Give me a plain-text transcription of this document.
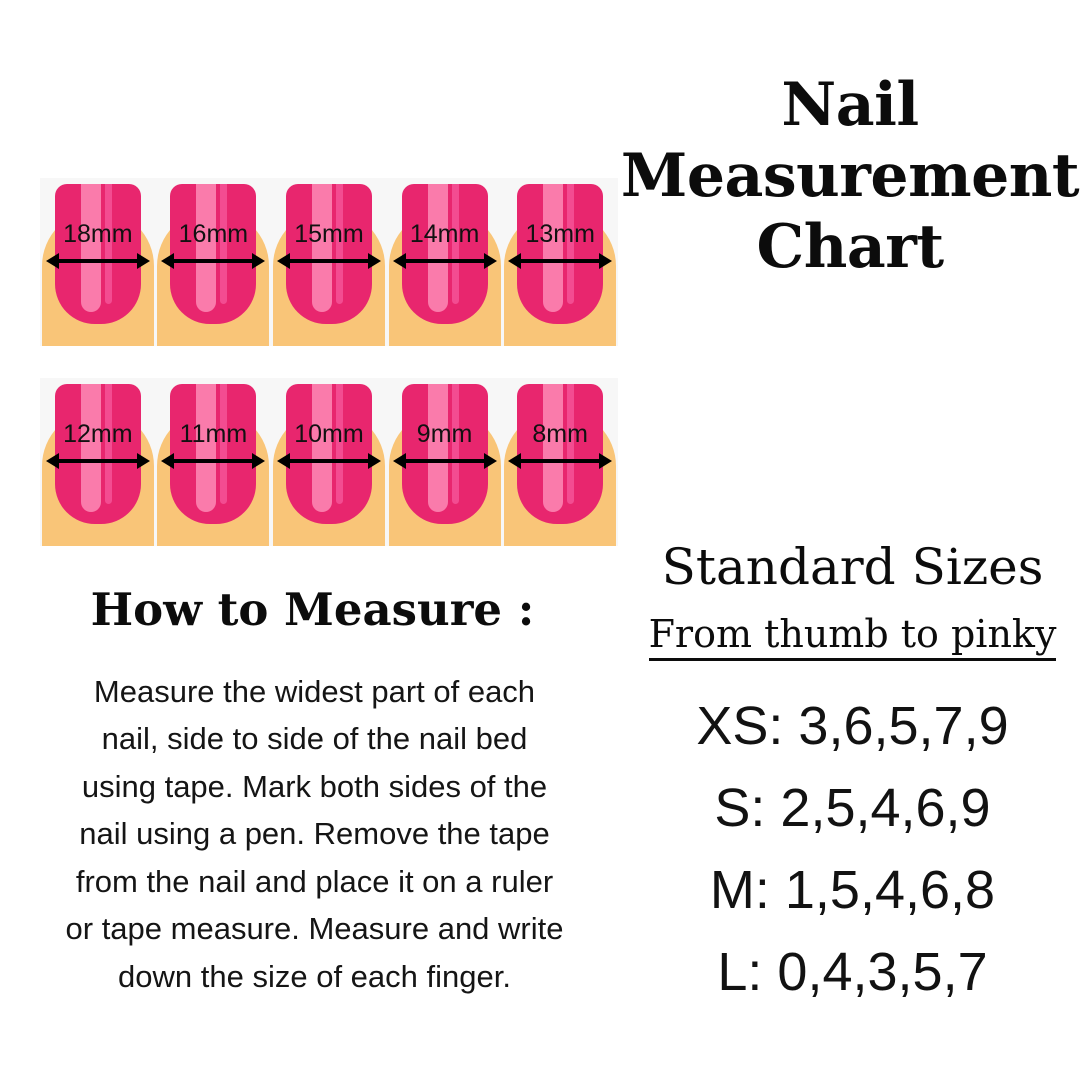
18mm	16mm	15mm	14mm	13mm
12mm	11mm	10mm	9mm	8mm
How to Measure :
Measure the widest part of each nail, side to side of the nail bed using tape. Mark both sides of the nail using a pen. Remove the tape from the nail and place it on a ruler or tape measure. Measure and write down the size of each finger.
Nail Measurement Chart
Standard Sizes
From thumb to pinky
XS: 3,6,5,7,9
S: 2,5,4,6,9
M: 1,5,4,6,8
L: 0,4,3,5,7
